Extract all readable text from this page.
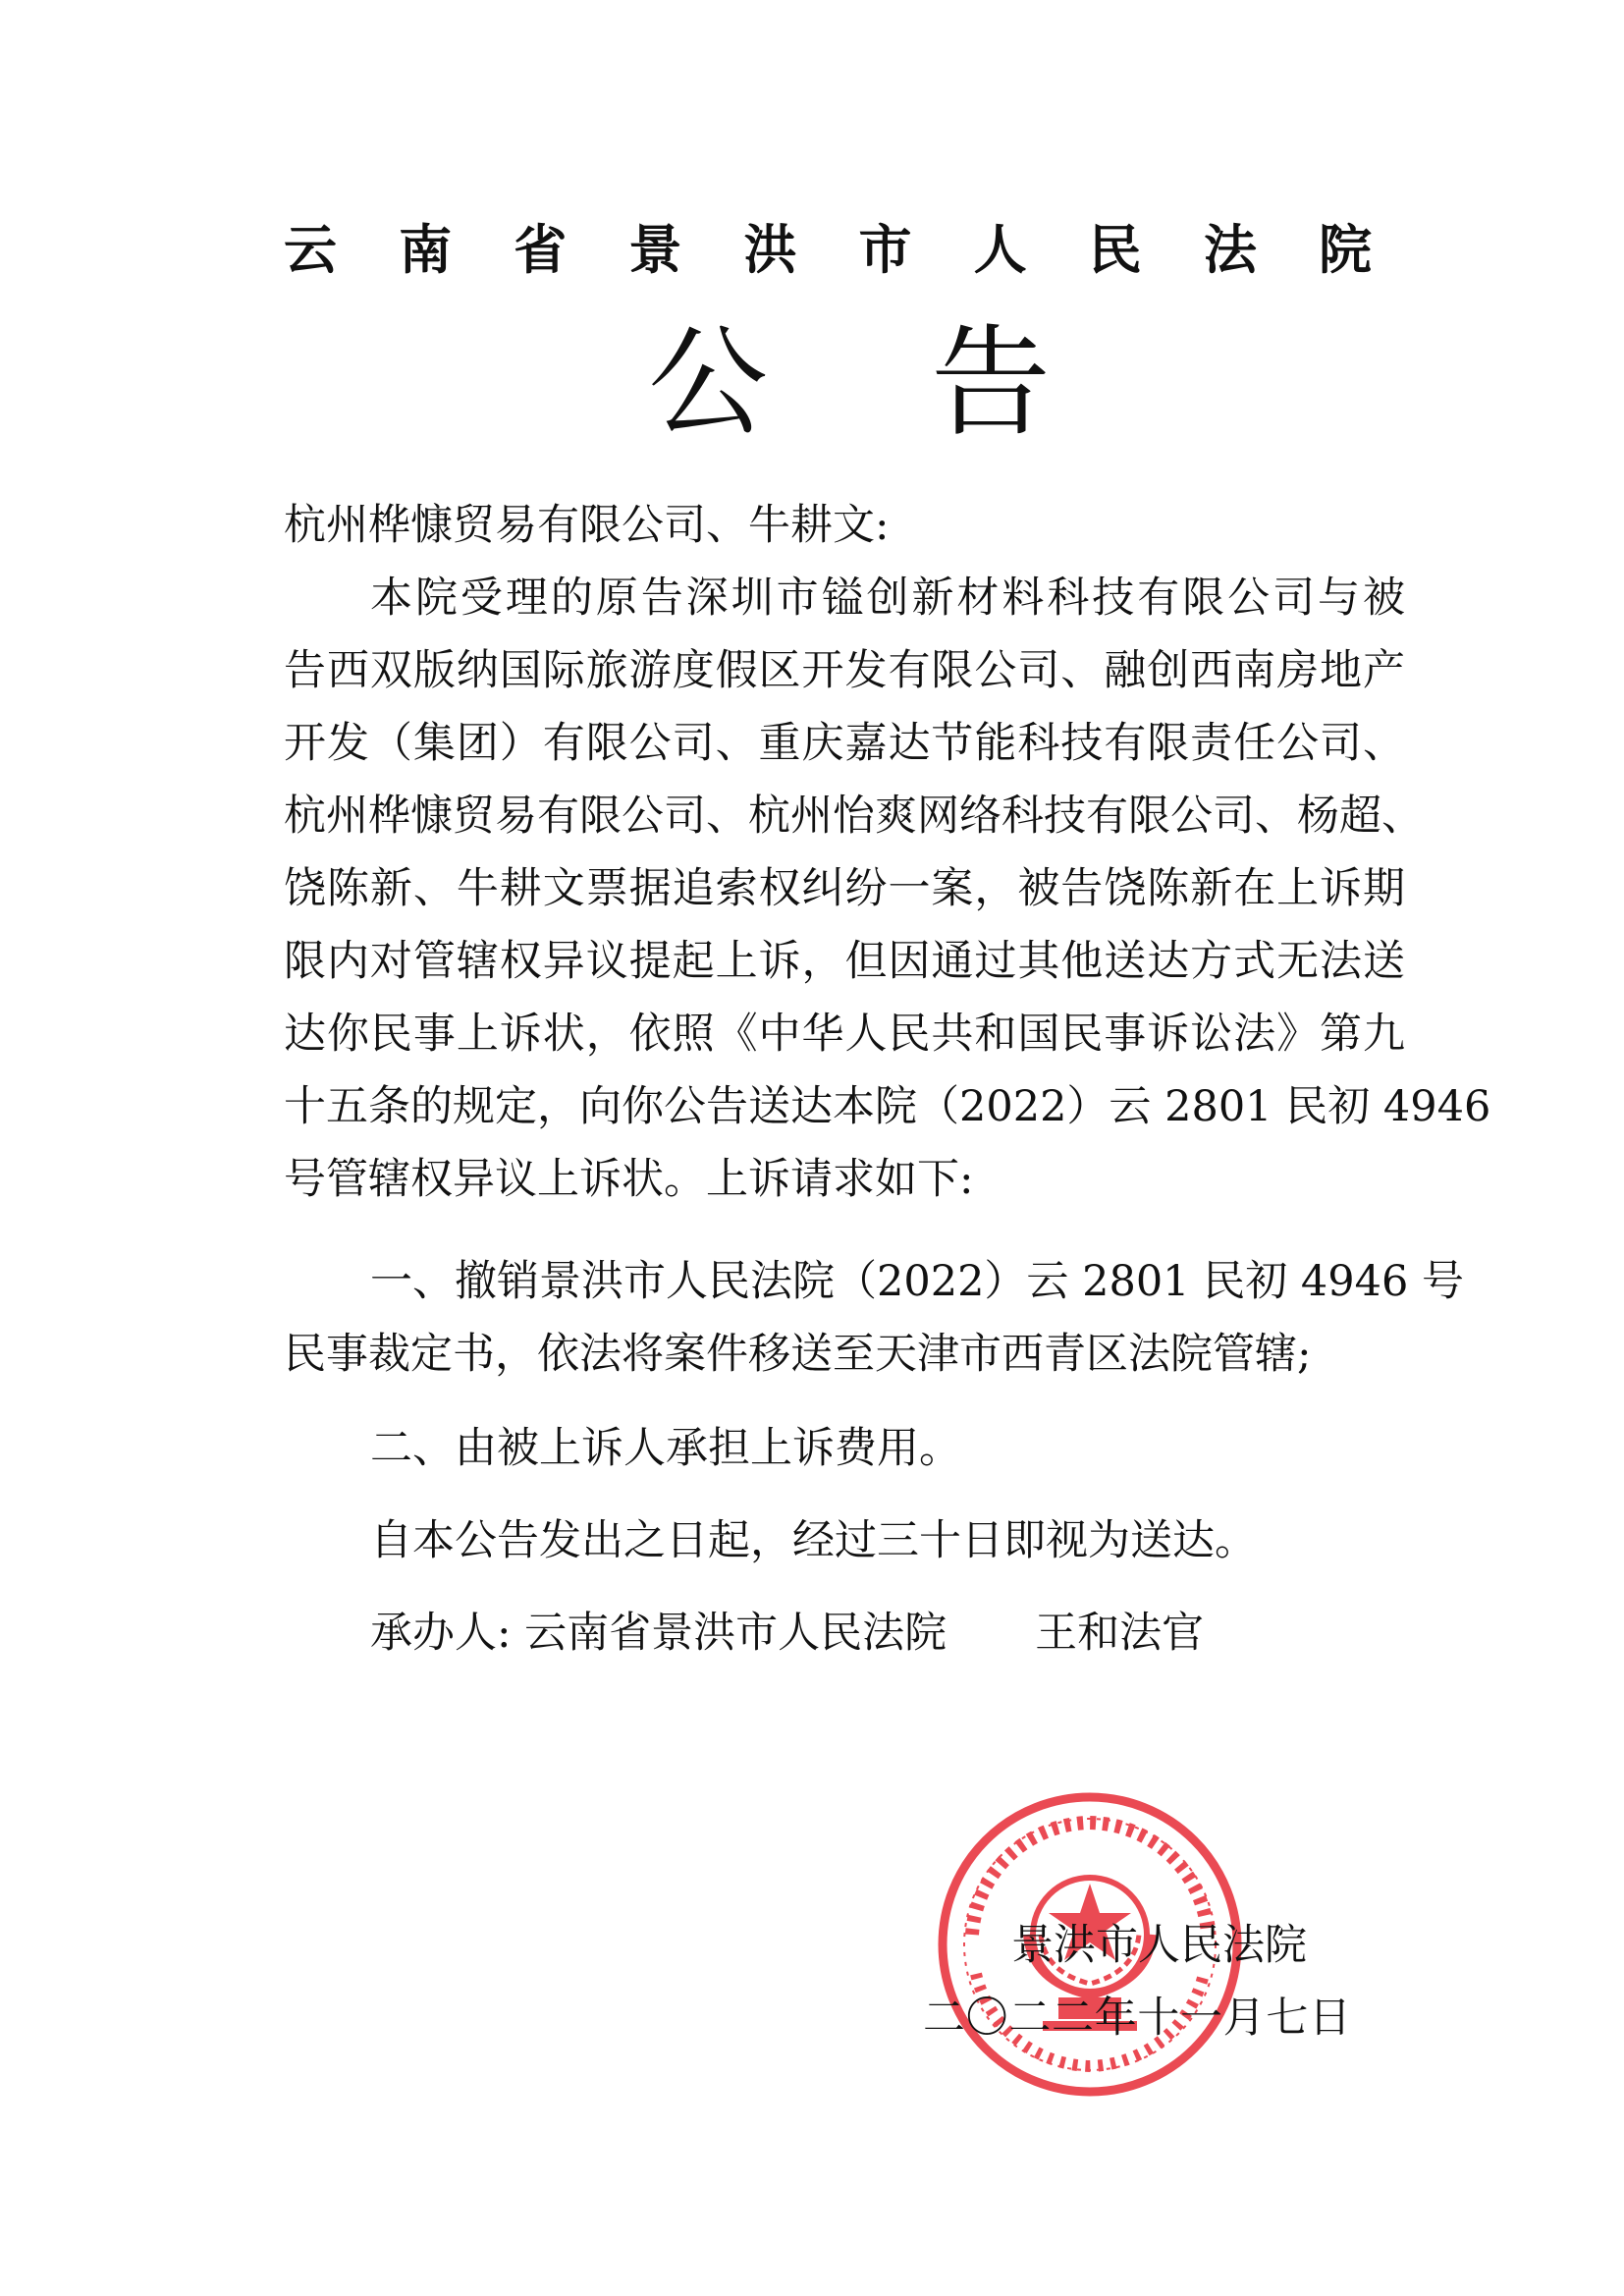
云南省景洪市人民法院
公告
杭州桦慷贸易有限公司、牛耕文:
本院受理的原告深圳市镒创新材料科技有限公司与被
告西双版纳国际旅游度假区开发有限公司、融创西南房地产
开发（集团）有限公司、重庆嘉达节能科技有限责任公司、
杭州桦慷贸易有限公司、杭州怡爽网络科技有限公司、杨超、
饶陈新、牛耕文票据追索权纠纷一案，被告饶陈新在上诉期
限内对管辖权异议提起上诉，但因通过其他送达方式无法送
达你民事上诉状，依照《中华人民共和国民事诉讼法》第九
十五条的规定，向你公告送达本院（2022）云 2801 民初 4946
号管辖权异议上诉状。上诉请求如下:
一、撤销景洪市人民法院（2022）云 2801 民初 4946 号
民事裁定书，依法将案件移送至天津市西青区法院管辖;
二、由被上诉人承担上诉费用。
自本公告发出之日起，经过三十日即视为送达。
承办人: 云南省景洪市人民法院 王和法官
景洪市人民法院
二〇二二年十一月七日
